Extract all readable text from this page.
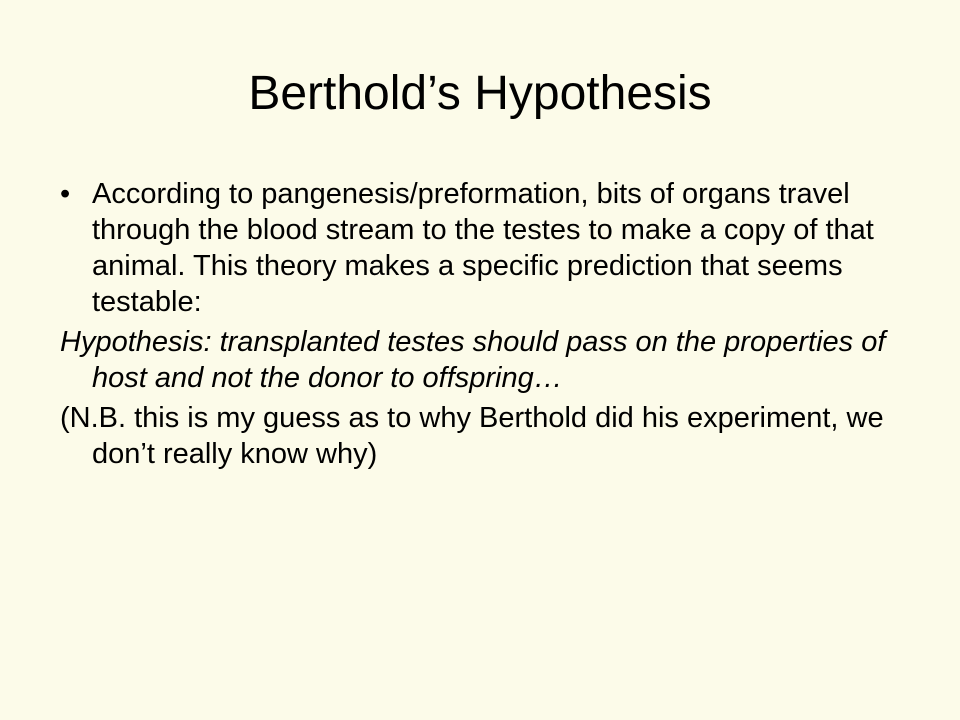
Berthold’s Hypothesis

• According to pangenesis/preformation, bits of organs travel through the blood stream to the testes to make a copy of that animal. This theory makes a specific prediction that seems testable:

Hypothesis: transplanted testes should pass on the properties of host and not the donor to offspring…

(N.B. this is my guess as to why Berthold did his experiment, we don’t really know why)
